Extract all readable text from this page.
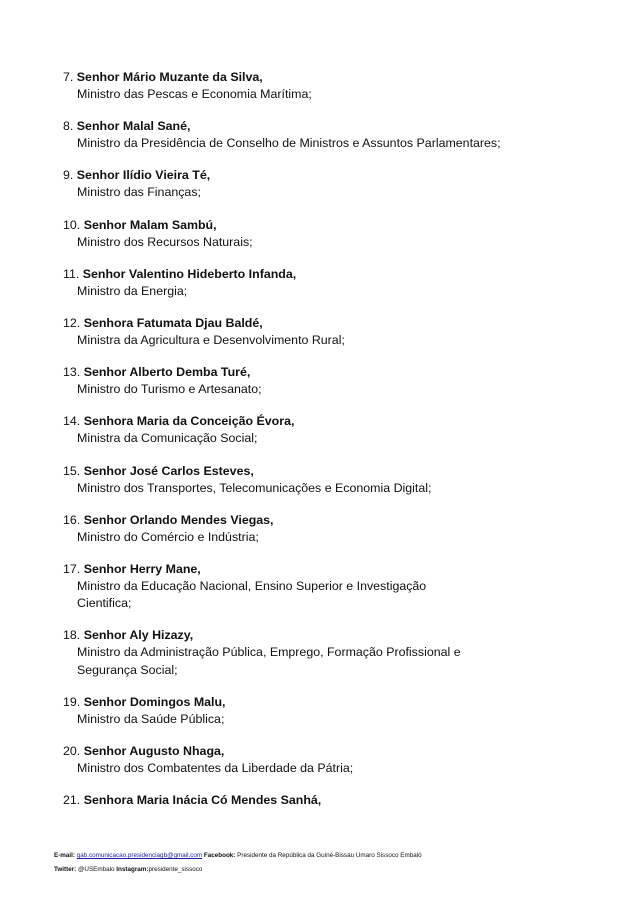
7. Senhor Mário Muzante da Silva,
Ministro das Pescas e Economia Marítima;
8. Senhor Malal Sané,
Ministro da Presidência de Conselho de Ministros e Assuntos Parlamentares;
9. Senhor Ilídio Vieira Té,
Ministro das Finanças;
10. Senhor Malam Sambú,
Ministro dos Recursos Naturais;
11. Senhor Valentino Hideberto Infanda,
Ministro da Energia;
12. Senhora Fatumata Djau Baldé,
Ministra da Agricultura e Desenvolvimento Rural;
13. Senhor Alberto Demba Turé,
Ministro do Turismo e Artesanato;
14. Senhora Maria da Conceição Évora,
Ministra da Comunicação Social;
15. Senhor José Carlos Esteves,
Ministro dos Transportes, Telecomunicações e Economia Digital;
16. Senhor Orlando Mendes Viegas,
Ministro do Comércio e Indústria;
17. Senhor Herry Mane,
Ministro da Educação Nacional, Ensino Superior e Investigação Cientifica;
18. Senhor Aly Hizazy,
Ministro da Administração Pública, Emprego, Formação Profissional e Segurança Social;
19. Senhor Domingos Malu,
Ministro da Saúde Pública;
20. Senhor Augusto Nhaga,
Ministro dos Combatentes da Liberdade da Pátria;
21. Senhora Maria Inácia Có Mendes Sanhá,
E-mail: gab.comunicacao.presidenciagb@gmail.com Facebook: Presidente da República da Guiné-Bissau Umaro Sissoco Embaló
Twitter: @USEmbalo Instagram:presidente_sissoco
